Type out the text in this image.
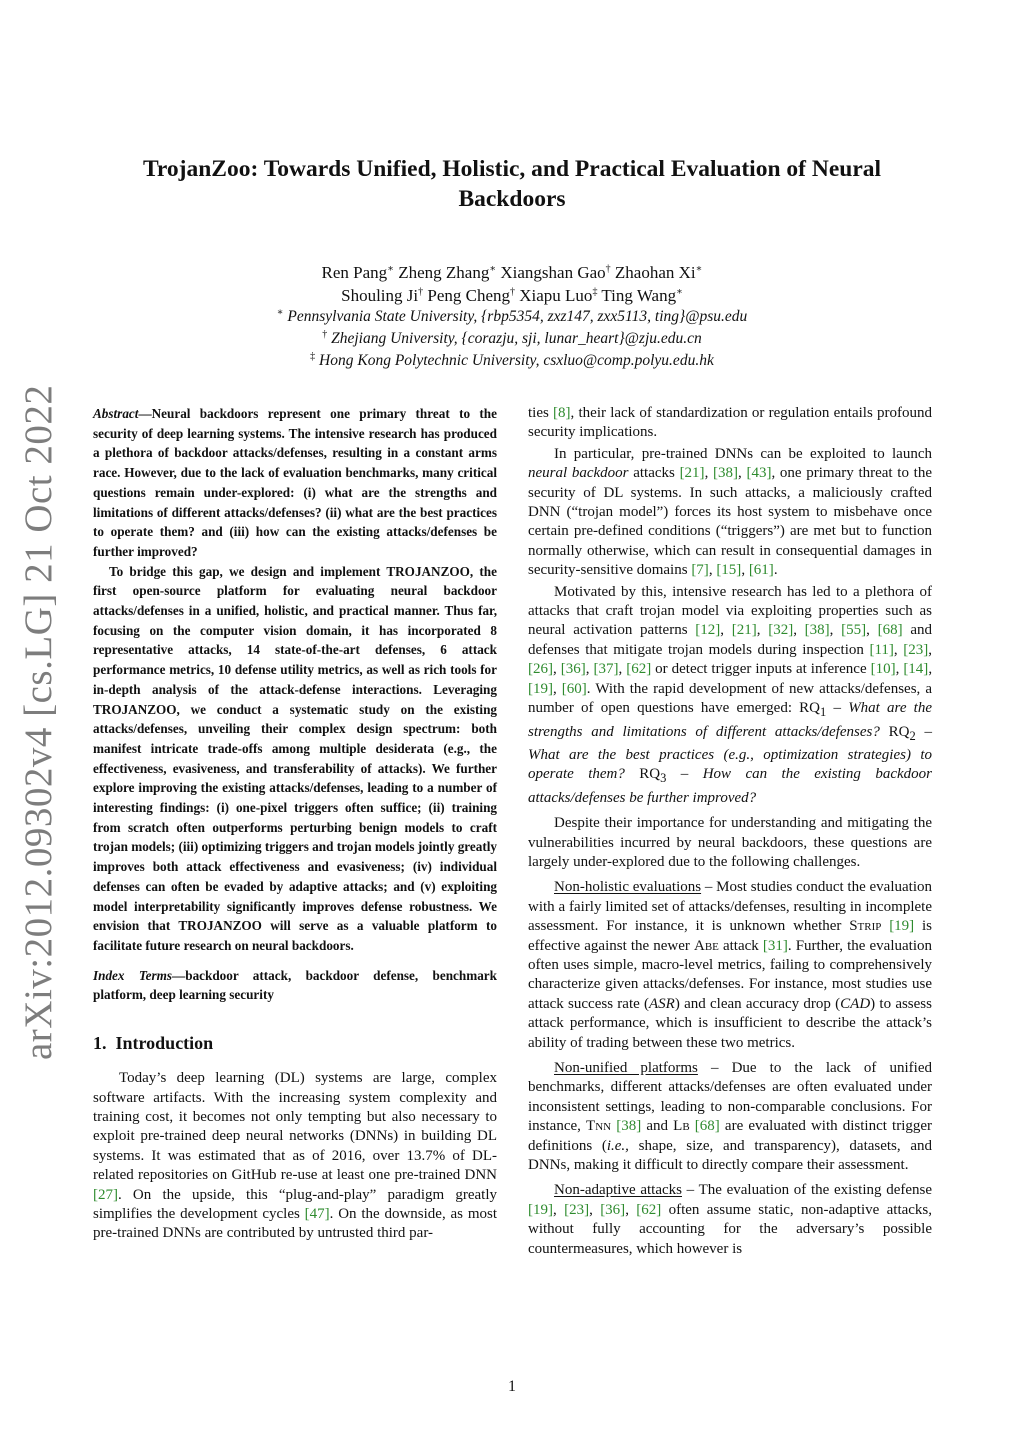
arXiv:2012.09302v4 [cs.LG] 21 Oct 2022
TrojanZoo: Towards Unified, Holistic, and Practical Evaluation of Neural
Backdoors
Ren Pang∗ Zheng Zhang∗ Xiangshan Gao† Zhaohan Xi∗
Shouling Ji† Peng Cheng† Xiapu Luo‡ Ting Wang∗
∗ Pennsylvania State University, {rbp5354, zxz147, zxx5113, ting}@psu.edu
† Zhejiang University, {corazju, sji, lunar_heart}@zju.edu.cn
‡ Hong Kong Polytechnic University, csxluo@comp.polyu.edu.hk

Abstract—Neural backdoors represent one primary threat to the security of deep learning systems. The intensive research has produced a plethora of backdoor attacks/defenses, resulting in a constant arms race. However, due to the lack of evaluation benchmarks, many critical questions remain under-explored: (i) what are the strengths and limitations of different attacks/defenses? (ii) what are the best practices to operate them? and (iii) how can the existing attacks/defenses be further improved?

To bridge this gap, we design and implement TROJANZOO, the first open-source platform for evaluating neural backdoor attacks/defenses in a unified, holistic, and practical manner. Thus far, focusing on the computer vision domain, it has incorporated 8 representative attacks, 14 state-of-the-art defenses, 6 attack performance metrics, 10 defense utility metrics, as well as rich tools for in-depth analysis of the attack-defense interactions. Leveraging TROJANZOO, we conduct a systematic study on the existing attacks/defenses, unveiling their complex design spectrum: both manifest intricate trade-offs among multiple desiderata (e.g., the effectiveness, evasiveness, and transferability of attacks). We further explore improving the existing attacks/defenses, leading to a number of interesting findings: (i) one-pixel triggers often suffice; (ii) training from scratch often outperforms perturbing benign models to craft trojan models; (iii) optimizing triggers and trojan models jointly greatly improves both attack effectiveness and evasiveness; (iv) individual defenses can often be evaded by adaptive attacks; and (v) exploiting model interpretability significantly improves defense robustness. We envision that TROJANZOO will serve as a valuable platform to facilitate future research on neural backdoors.

Index Terms—backdoor attack, backdoor defense, benchmark platform, deep learning security

1. Introduction

Today’s deep learning (DL) systems are large, complex software artifacts. With the increasing system complexity and training cost, it becomes not only tempting but also necessary to exploit pre-trained deep neural networks (DNNs) in building DL systems. It was estimated that as of 2016, over 13.7% of DL-related repositories on GitHub re-use at least one pre-trained DNN [27]. On the upside, this “plug-and-play” paradigm greatly simplifies the development cycles [47]. On the downside, as most pre-trained DNNs are contributed by untrusted third par-

ties [8], their lack of standardization or regulation entails profound security implications.

In particular, pre-trained DNNs can be exploited to launch neural backdoor attacks [21], [38], [43], one primary threat to the security of DL systems. In such attacks, a maliciously crafted DNN (“trojan model”) forces its host system to misbehave once certain pre-defined conditions (“triggers”) are met but to function normally otherwise, which can result in consequential damages in security-sensitive domains [7], [15], [61].

Motivated by this, intensive research has led to a plethora of attacks that craft trojan model via exploiting properties such as neural activation patterns [12], [21], [32], [38], [55], [68] and defenses that mitigate trojan models during inspection [11], [23], [26], [36], [37], [62] or detect trigger inputs at inference [10], [14], [19], [60]. With the rapid development of new attacks/defenses, a number of open questions have emerged: $RQ_1$ – What are the strengths and limitations of different attacks/defenses? $RQ_2$ – What are the best practices (e.g., optimization strategies) to operate them? $RQ_3$ – How can the existing backdoor attacks/defenses be further improved?

Despite their importance for understanding and mitigating the vulnerabilities incurred by neural backdoors, these questions are largely under-explored due to the following challenges.

Non-holistic evaluations – Most studies conduct the evaluation with a fairly limited set of attacks/defenses, resulting in incomplete assessment. For instance, it is unknown whether Strip [19] is effective against the newer Abe attack [31]. Further, the evaluation often uses simple, macro-level metrics, failing to comprehensively characterize given attacks/defenses. For instance, most studies use attack success rate (ASR) and clean accuracy drop (CAD) to assess attack performance, which is insufficient to describe the attack’s ability of trading between these two metrics.

Non-unified platforms – Due to the lack of unified benchmarks, different attacks/defenses are often evaluated under inconsistent settings, leading to non-comparable conclusions. For instance, Tnn [38] and Lb [68] are evaluated with distinct trigger definitions (i.e., shape, size, and transparency), datasets, and DNNs, making it difficult to directly compare their assessment.

Non-adaptive attacks – The evaluation of the existing defense [19], [23], [36], [62] often assume static, non-adaptive attacks, without fully accounting for the adversary’s possible countermeasures, which however is

1
